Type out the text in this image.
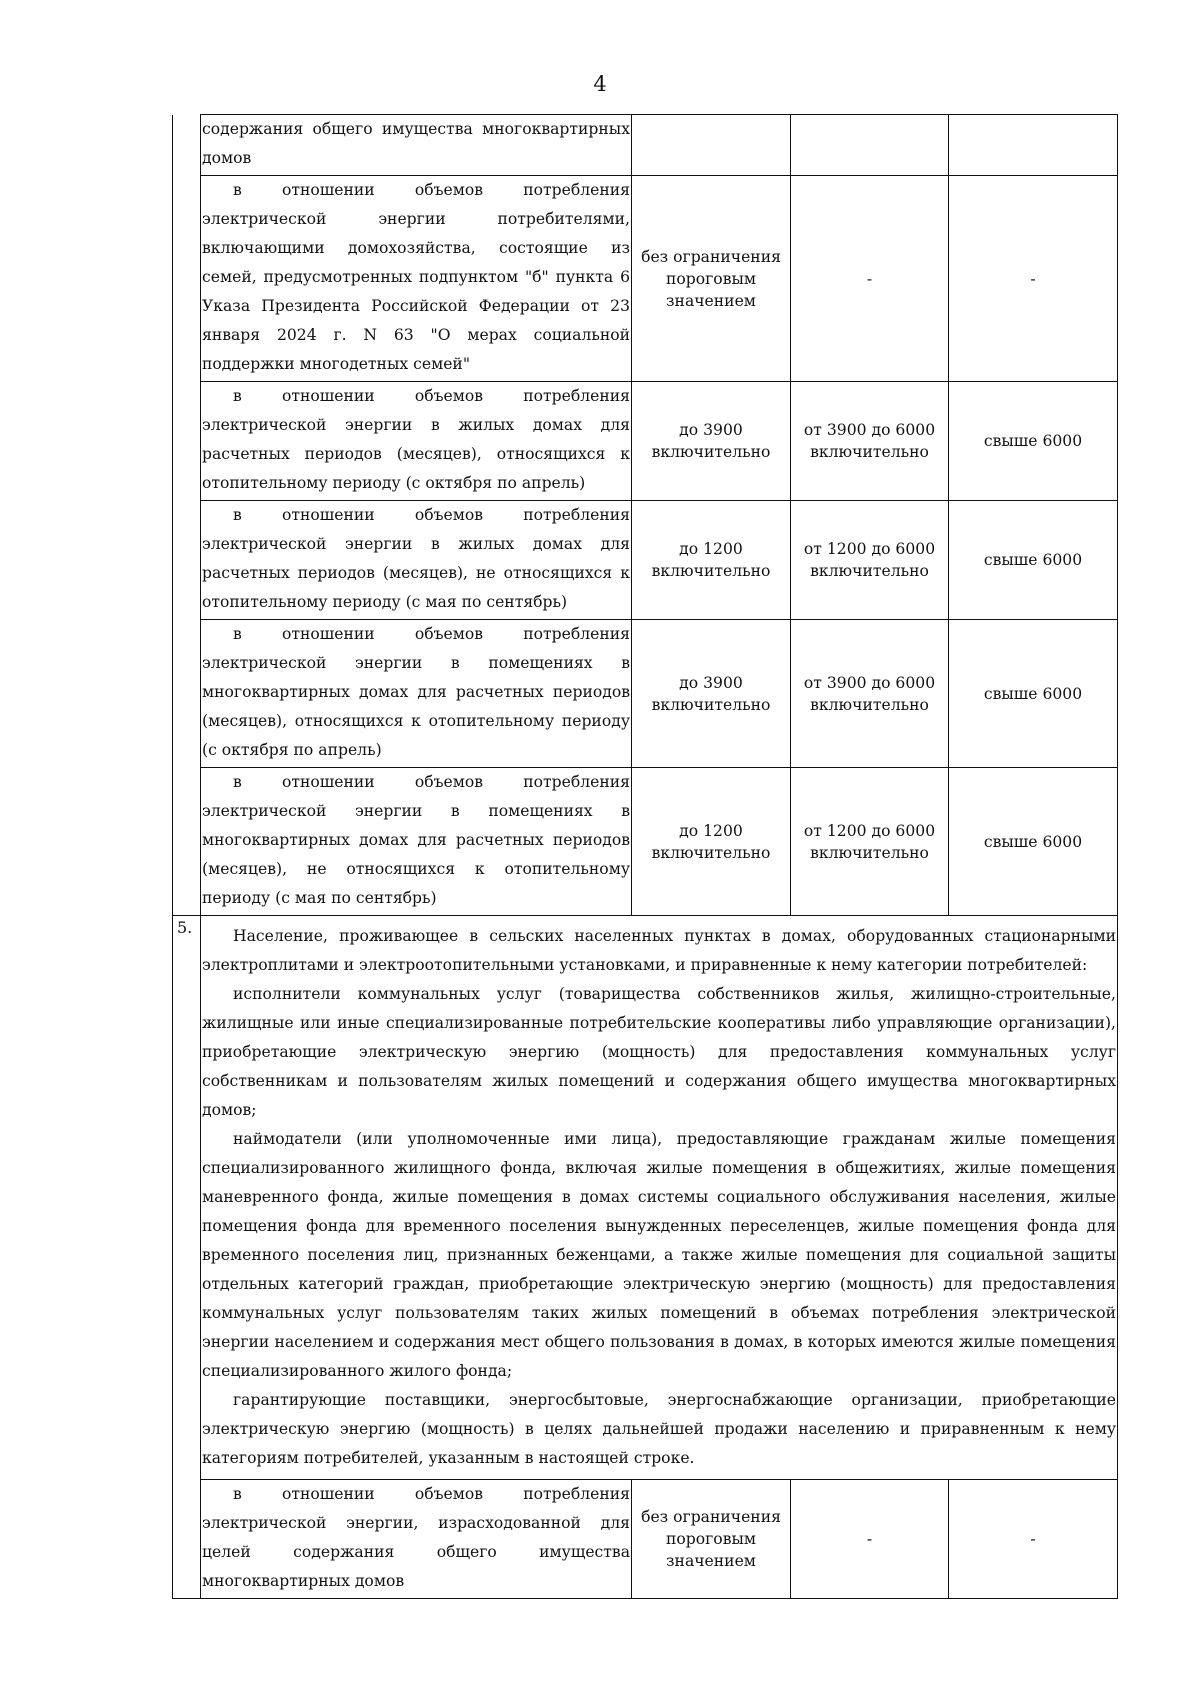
4

	содержания общего имущества многоквартирных домов			

	в отношении объемов потребления электрической энергии потребителями, включающими домохозяйства, состоящие из семей, предусмотренных подпунктом "б" пункта 6 Указа Президента Российской Федерации от 23 января 2024 г. N 63 "О мерах социальной поддержки многодетных семей"	без ограничения пороговым значением	-	-

	в отношении объемов потребления электрической энергии в жилых домах для расчетных периодов (месяцев), относящихся к отопительному периоду (с октября по апрель)	до 3900 включительно	от 3900 до 6000 включительно	свыше 6000

	в отношении объемов потребления электрической энергии в жилых домах для расчетных периодов (месяцев), не относящихся к отопительному периоду (с мая по сентябрь)	до 1200 включительно	от 1200 до 6000 включительно	свыше 6000

	в отношении объемов потребления электрической энергии в помещениях в многоквартирных домах для расчетных периодов (месяцев), относящихся к отопительному периоду (с октября по апрель)	до 3900 включительно	от 3900 до 6000 включительно	свыше 6000

	в отношении объемов потребления электрической энергии в помещениях в многоквартирных домах для расчетных периодов (месяцев), не относящихся к отопительному периоду (с мая по сентябрь)	до 1200 включительно	от 1200 до 6000 включительно	свыше 6000
5.	Население, проживающее в сельских населенных пунктах в домах, оборудованных стационарными электроплитами и электроотопительными установками, и приравненные к нему категории потребителей:

исполнители коммунальных услуг (товарищества собственников жилья, жилищно-строительные, жилищные или иные специализированные потребительские кооперативы либо управляющие организации), приобретающие электрическую энергию (мощность) для предоставления коммунальных услуг собственникам и пользователям жилых помещений и содержания общего имущества многоквартирных домов;

наймодатели (или уполномоченные ими лица), предоставляющие гражданам жилые помещения специализированного жилищного фонда, включая жилые помещения в общежитиях, жилые помещения маневренного фонда, жилые помещения в домах системы социального обслуживания населения, жилые помещения фонда для временного поселения вынужденных переселенцев, жилые помещения фонда для временного поселения лиц, признанных беженцами, а также жилые помещения для социальной защиты отдельных категорий граждан, приобретающие электрическую энергию (мощность) для предоставления коммунальных услуг пользователям таких жилых помещений в объемах потребления электрической энергии населением и содержания мест общего пользования в домах, в которых имеются жилые помещения специализированного жилого фонда;

гарантирующие поставщики, энергосбытовые, энергоснабжающие организации, приобретающие электрическую энергию (мощность) в целях дальнейшей продажи населению и приравненным к нему категориям потребителей, указанным в настоящей строке.			

	в отношении объемов потребления электрической энергии, израсходованной для целей содержания общего имущества многоквартирных домов	без ограничения пороговым значением	-	-
